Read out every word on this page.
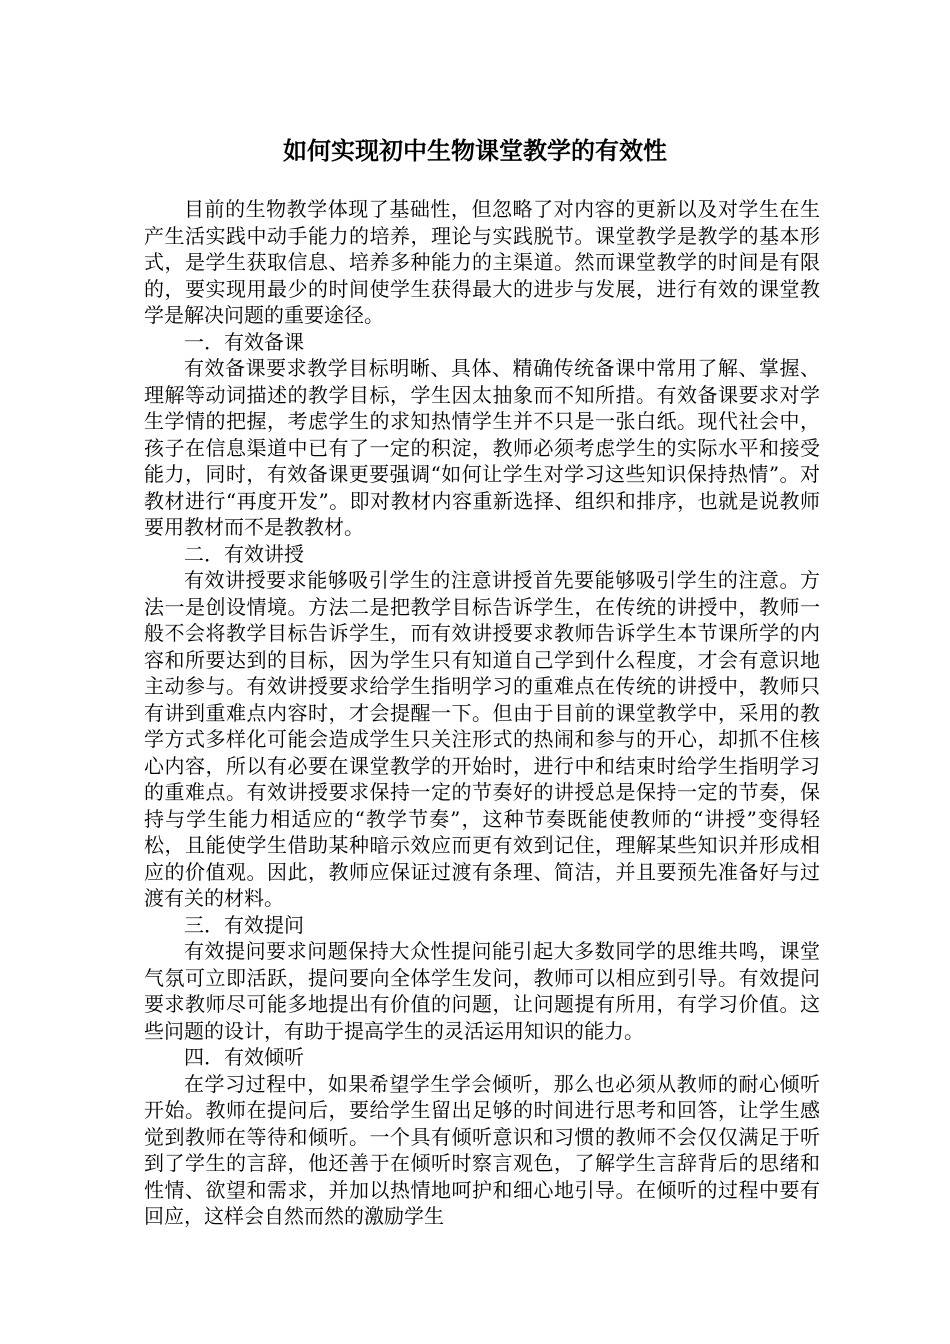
如何实现初中生物课堂教学的有效性

目前的生物教学体现了基础性，但忽略了对内容的更新以及对学生在生产生活实践中动手能力的培养，理论与实践脱节。课堂教学是教学的基本形式，是学生获取信息、培养多种能力的主渠道。然而课堂教学的时间是有限的，要实现用最少的时间使学生获得最大的进步与发展，进行有效的课堂教学是解决问题的重要途径。

一．有效备课

有效备课要求教学目标明晰、具体、精确传统备课中常用了解、掌握、理解等动词描述的教学目标，学生因太抽象而不知所措。有效备课要求对学生学情的把握，考虑学生的求知热情学生并不只是一张白纸。现代社会中，孩子在信息渠道中已有了一定的积淀，教师必须考虑学生的实际水平和接受能力，同时，有效备课更要强调“如何让学生对学习这些知识保持热情”。对教材进行“再度开发”。即对教材内容重新选择、组织和排序，也就是说教师要用教材而不是教教材。

二．有效讲授

有效讲授要求能够吸引学生的注意讲授首先要能够吸引学生的注意。方法一是创设情境。方法二是把教学目标告诉学生，在传统的讲授中，教师一般不会将教学目标告诉学生，而有效讲授要求教师告诉学生本节课所学的内容和所要达到的目标，因为学生只有知道自己学到什么程度，才会有意识地主动参与。有效讲授要求给学生指明学习的重难点在传统的讲授中，教师只有讲到重难点内容时，才会提醒一下。但由于目前的课堂教学中，采用的教学方式多样化可能会造成学生只关注形式的热闹和参与的开心，却抓不住核心内容，所以有必要在课堂教学的开始时，进行中和结束时给学生指明学习的重难点。有效讲授要求保持一定的节奏好的讲授总是保持一定的节奏，保持与学生能力相适应的“教学节奏”，这种节奏既能使教师的“讲授”变得轻松，且能使学生借助某种暗示效应而更有效到记住，理解某些知识并形成相应的价值观。因此，教师应保证过渡有条理、简洁，并且要预先准备好与过渡有关的材料。

三．有效提问

有效提问要求问题保持大众性提问能引起大多数同学的思维共鸣，课堂气氛可立即活跃，提问要向全体学生发问，教师可以相应到引导。有效提问要求教师尽可能多地提出有价值的问题，让问题提有所用，有学习价值。这些问题的设计，有助于提高学生的灵活运用知识的能力。

四．有效倾听

在学习过程中，如果希望学生学会倾听，那么也必须从教师的耐心倾听开始。教师在提问后，要给学生留出足够的时间进行思考和回答，让学生感觉到教师在等待和倾听。一个具有倾听意识和习惯的教师不会仅仅满足于听到了学生的言辞，他还善于在倾听时察言观色，了解学生言辞背后的思绪和性情、欲望和需求，并加以热情地呵护和细心地引导。在倾听的过程中要有回应，这样会自然而然的激励学生
